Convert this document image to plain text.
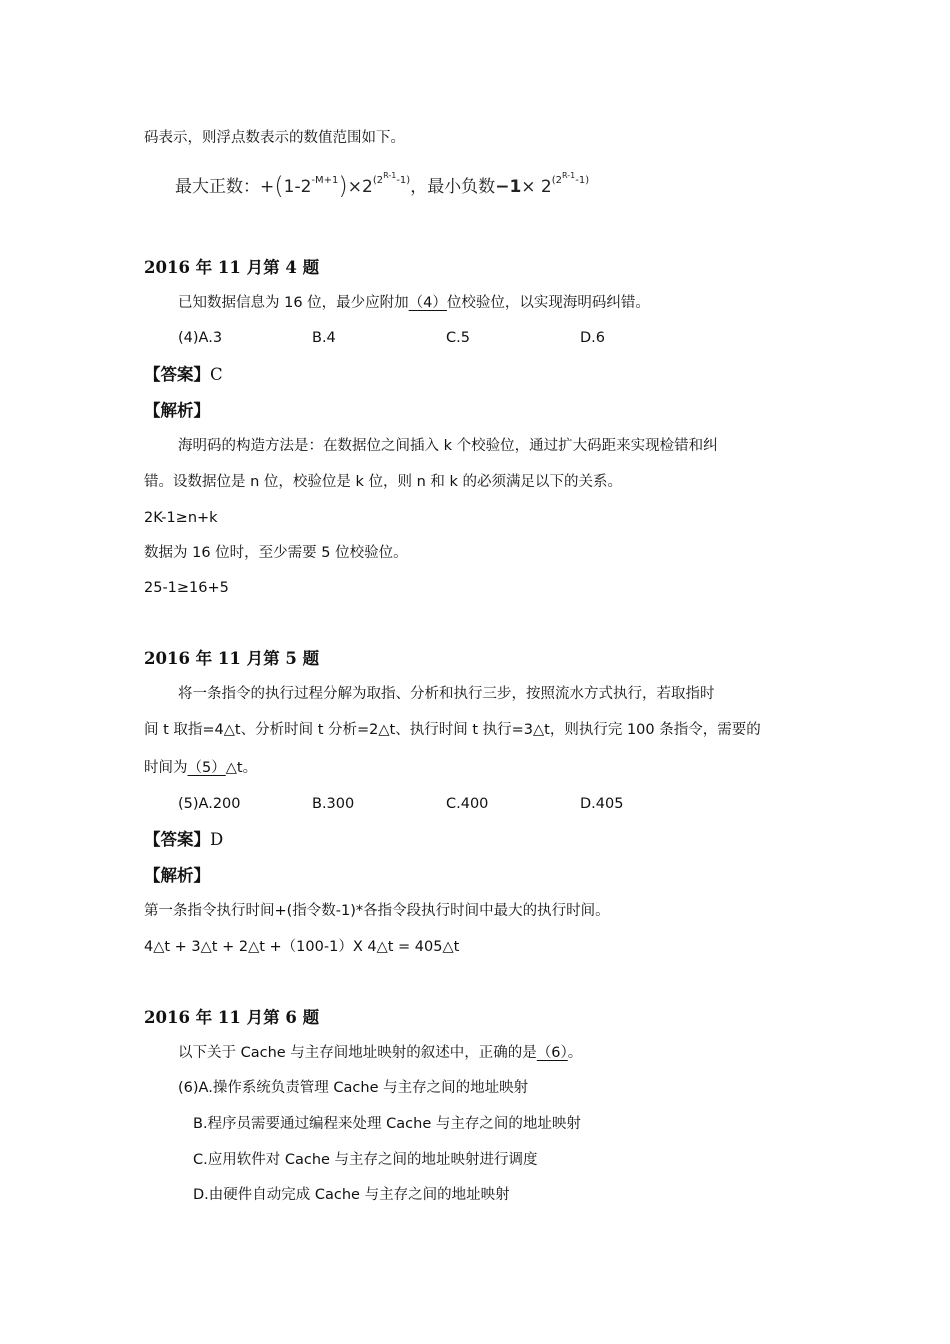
码表示，则浮点数表示的数值范围如下。
最大正数：$+(1-2^{-M+1})\times 2^{(2^{R-1}-1)}$，最小负数$-1\times 2^{(2^{R-1}-1)}$
2016 年 11 月第 4 题
已知数据信息为 16 位，最少应附加（4）位校验位，以实现海明码纠错。
(4)A.3	B.4	C.5	D.6
【答案】C
【解析】
海明码的构造方法是：在数据位之间插入 k 个校验位，通过扩大码距来实现检错和纠
错。设数据位是 n 位，校验位是 k 位，则 n 和 k 的必须满足以下的关系。
2K-1≥n+k
数据为 16 位时，至少需要 5 位校验位。
25-1≥16+5
2016 年 11 月第 5 题
将一条指令的执行过程分解为取指、分析和执行三步，按照流水方式执行，若取指时
间 t 取指=4△t、分析时间 t 分析=2△t、执行时间 t 执行=3△t，则执行完 100 条指令，需要的
时间为（5）△t。
(5)A.200	B.300	C.400	D.405
【答案】D
【解析】
第一条指令执行时间+(指令数-1)*各指令段执行时间中最大的执行时间。
4△t + 3△t + 2△t +（100-1）X 4△t = 405△t
2016 年 11 月第 6 题
以下关于 Cache 与主存间地址映射的叙述中，正确的是（6）。
(6)A.操作系统负责管理 Cache 与主存之间的地址映射
B.程序员需要通过编程来处理 Cache 与主存之间的地址映射
C.应用软件对 Cache 与主存之间的地址映射进行调度
D.由硬件自动完成 Cache 与主存之间的地址映射
